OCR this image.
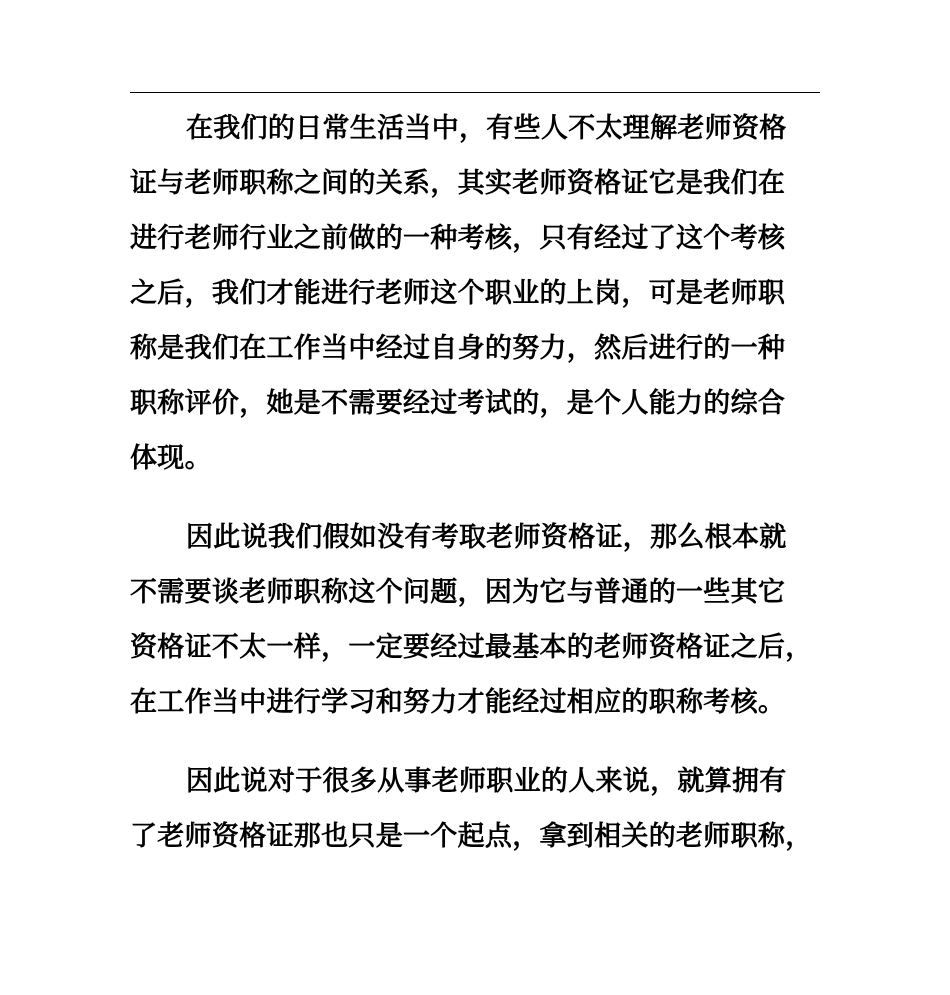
在我们的日常生活当中，有些人不太理解老师资格
证与老师职称之间的关系，其实老师资格证它是我们在
进行老师行业之前做的一种考核，只有经过了这个考核
之后，我们才能进行老师这个职业的上岗，可是老师职
称是我们在工作当中经过自身的努力，然后进行的一种
职称评价，她是不需要经过考试的，是个人能力的综合
体现。
因此说我们假如没有考取老师资格证，那么根本就
不需要谈老师职称这个问题，因为它与普通的一些其它
资格证不太一样，一定要经过最基本的老师资格证之后，
在工作当中进行学习和努力才能经过相应的职称考核。
因此说对于很多从事老师职业的人来说，就算拥有
了老师资格证那也只是一个起点，拿到相关的老师职称，
